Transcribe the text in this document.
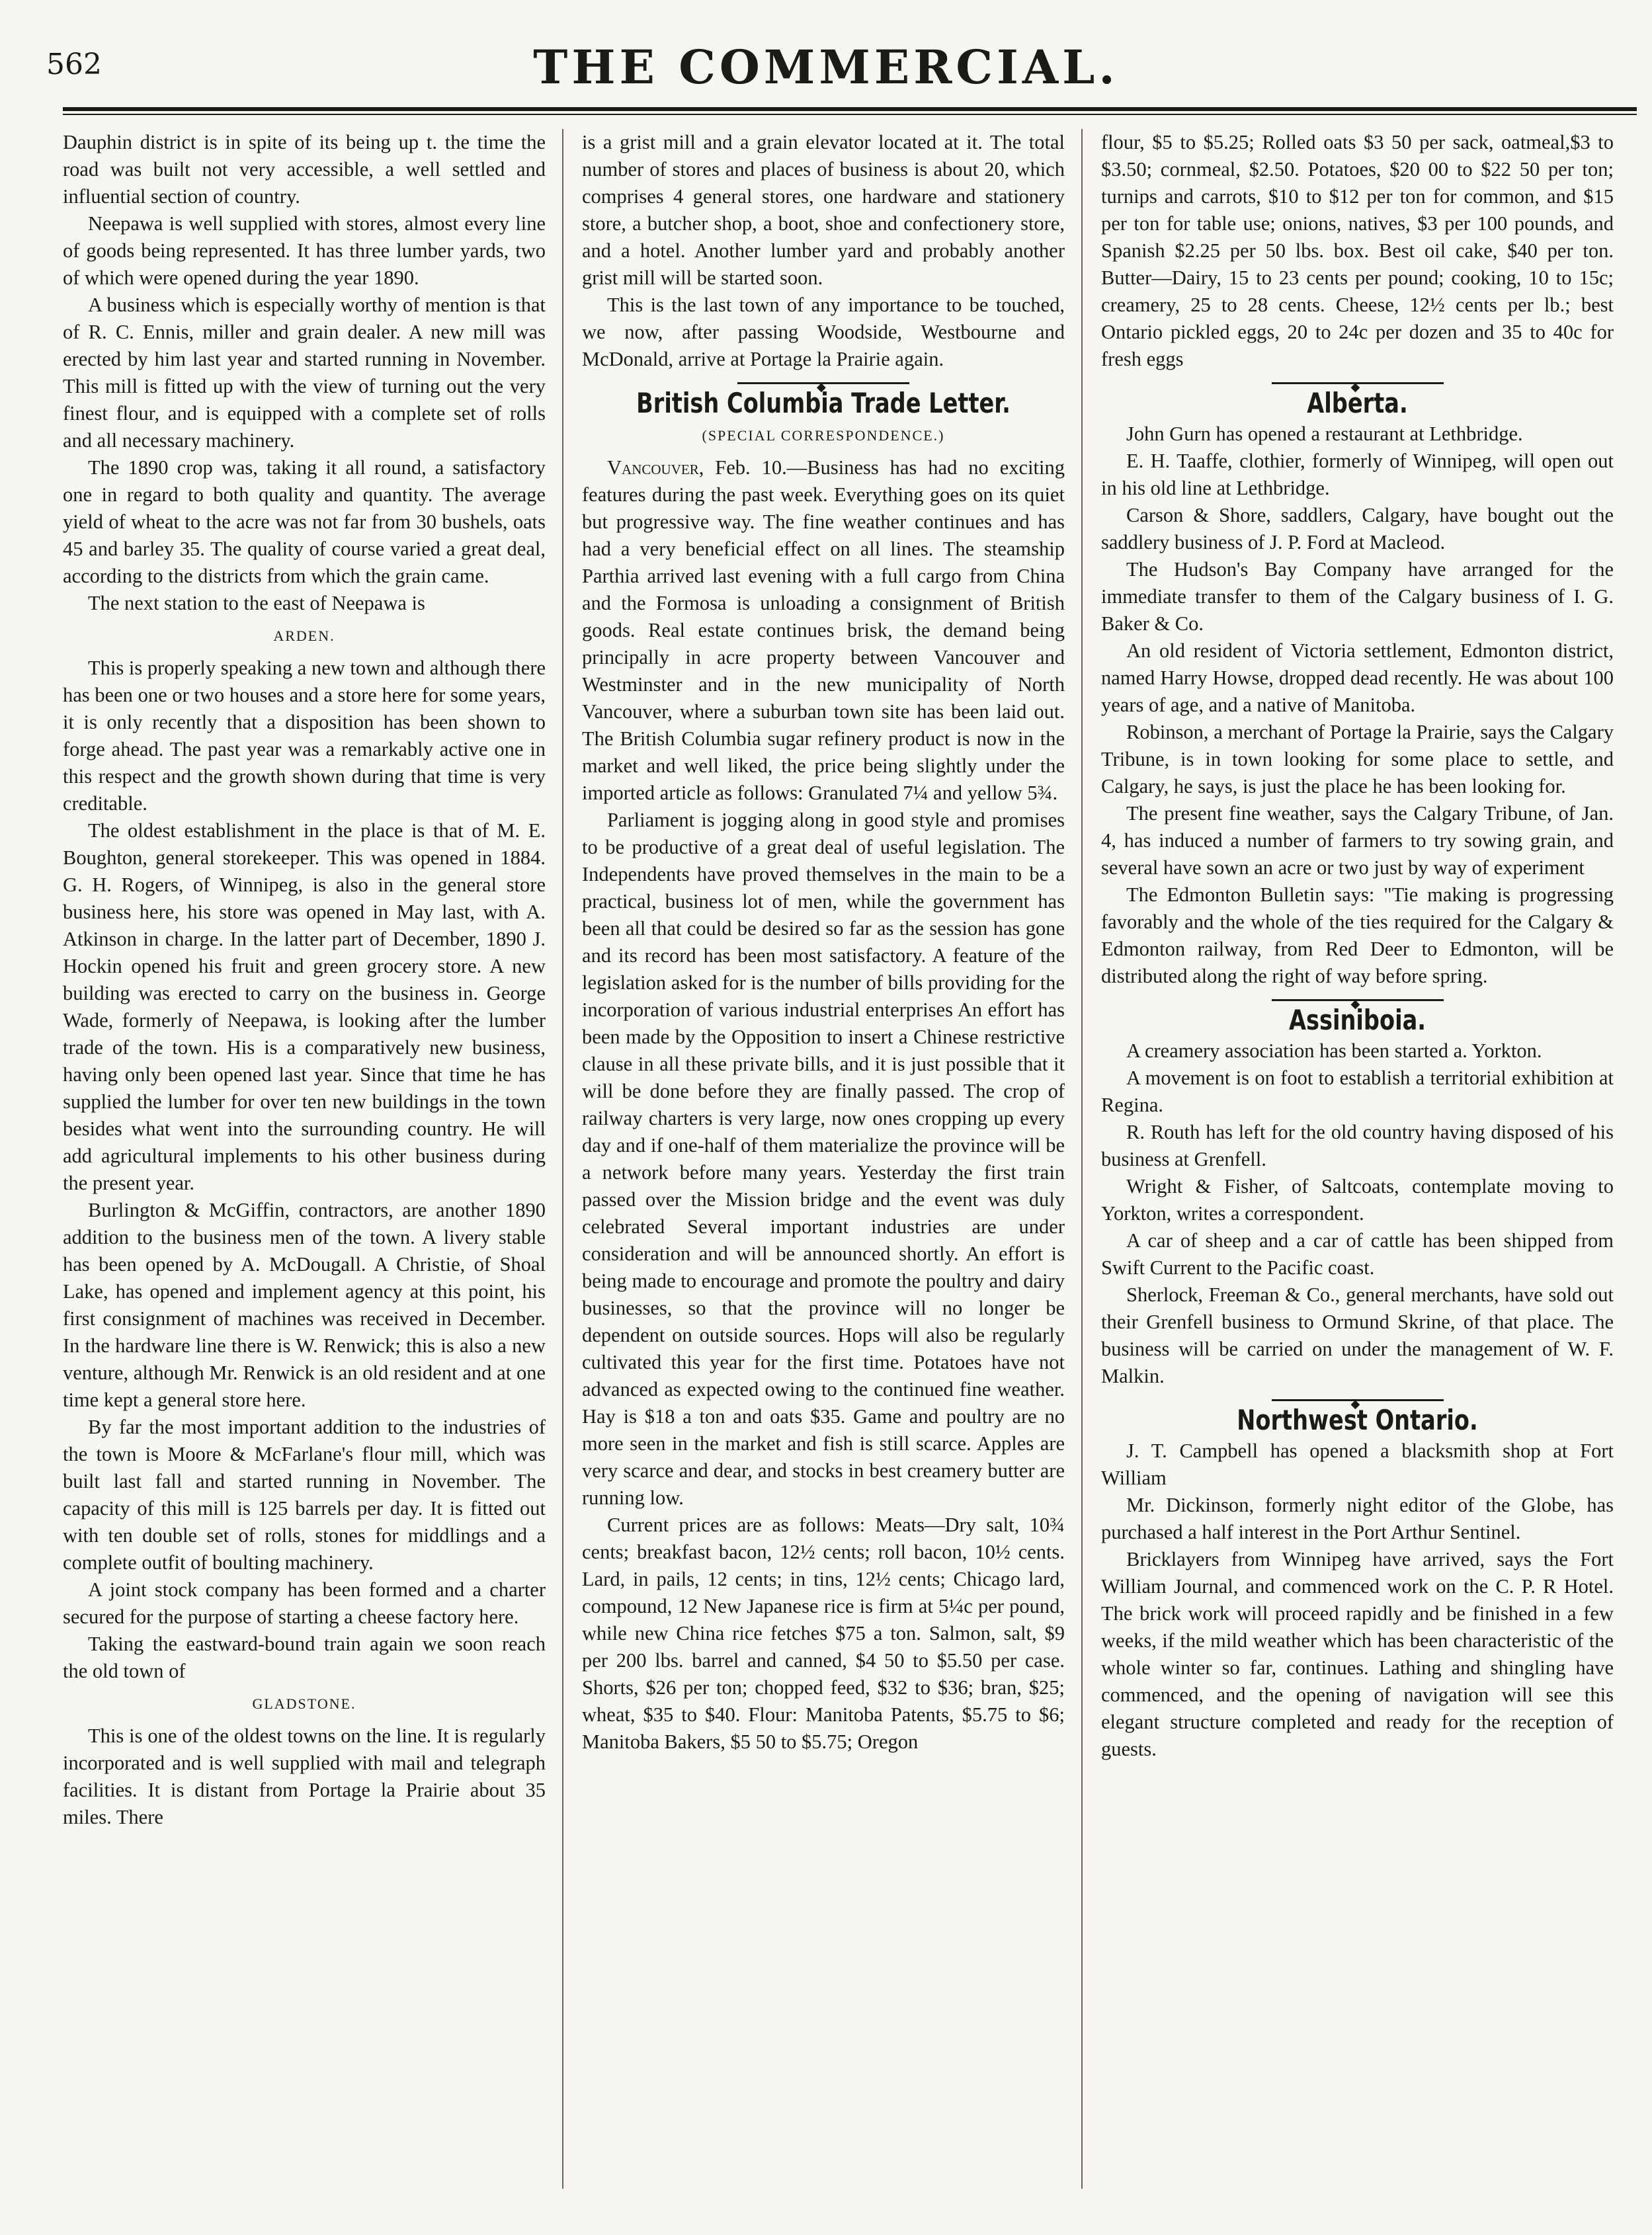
562	THE COMMERCIAL.

Dauphin district is in spite of its being up t. the time the road was built not very accessible, a well settled and influential section of country.

Neepawa is well supplied with stores, almost every line of goods being represented. It has three lumber yards, two of which were opened during the year 1890.

A business which is especially worthy of mention is that of R. C. Ennis, miller and grain dealer. A new mill was erected by him last year and started running in November. This mill is fitted up with the view of turning out the very finest flour, and is equipped with a complete set of rolls and all necessary machinery.

The 1890 crop was, taking it all round, a satisfactory one in regard to both quality and quantity. The average yield of wheat to the acre was not far from 30 bushels, oats 45 and barley 35. The quality of course varied a great deal, according to the districts from which the grain came.

The next station to the east of Neepawa is

ARDEN.

This is properly speaking a new town and although there has been one or two houses and a store here for some years, it is only recently that a disposition has been shown to forge ahead. The past year was a remarkably active one in this respect and the growth shown during that time is very creditable.

The oldest establishment in the place is that of M. E. Boughton, general storekeeper. This was opened in 1884. G. H. Rogers, of Winnipeg, is also in the general store business here, his store was opened in May last, with A. Atkinson in charge. In the latter part of December, 1890 J. Hockin opened his fruit and green grocery store. A new building was erected to carry on the business in. George Wade, formerly of Neepawa, is looking after the lumber trade of the town. His is a comparatively new business, having only been opened last year. Since that time he has supplied the lumber for over ten new buildings in the town besides what went into the surrounding country. He will add agricultural implements to his other business during the present year.

Burlington & McGiffin, contractors, are another 1890 addition to the business men of the town. A livery stable has been opened by A. McDougall. A Christie, of Shoal Lake, has opened and implement agency at this point, his first consignment of machines was received in December. In the hardware line there is W. Renwick; this is also a new venture, although Mr. Renwick is an old resident and at one time kept a general store here.

By far the most important addition to the industries of the town is Moore & McFarlane's flour mill, which was built last fall and started running in November. The capacity of this mill is 125 barrels per day. It is fitted out with ten double set of rolls, stones for middlings and a complete outfit of boulting machinery.

A joint stock company has been formed and a charter secured for the purpose of starting a cheese factory here.

Taking the eastward-bound train again we soon reach the old town of

GLADSTONE.

This is one of the oldest towns on the line. It is regularly incorporated and is well supplied with mail and telegraph facilities. It is distant from Portage la Prairie about 35 miles. There

is a grist mill and a grain elevator located at it. The total number of stores and places of business is about 20, which comprises 4 general stores, one hardware and stationery store, a butcher shop, a boot, shoe and confectionery store, and a hotel. Another lumber yard and probably another grist mill will be started soon.

This is the last town of any importance to be touched, we now, after passing Woodside, Westbourne and McDonald, arrive at Portage la Prairie again.

◆
British Columbia Trade Letter.

(SPECIAL CORRESPONDENCE.)

Vancouver, Feb. 10.—Business has had no exciting features during the past week. Everything goes on its quiet but progressive way. The fine weather continues and has had a very beneficial effect on all lines. The steamship Parthia arrived last evening with a full cargo from China and the Formosa is unloading a consignment of British goods. Real estate continues brisk, the demand being principally in acre property between Vancouver and Westminster and in the new municipality of North Vancouver, where a suburban town site has been laid out. The British Columbia sugar refinery product is now in the market and well liked, the price being slightly under the imported article as follows: Granulated 7¼ and yellow 5¾.

Parliament is jogging along in good style and promises to be productive of a great deal of useful legislation. The Independents have proved themselves in the main to be a practical, business lot of men, while the government has been all that could be desired so far as the session has gone and its record has been most satisfactory. A feature of the legislation asked for is the number of bills providing for the incorporation of various industrial enterprises An effort has been made by the Opposition to insert a Chinese restrictive clause in all these private bills, and it is just possible that it will be done before they are finally passed. The crop of railway charters is very large, now ones cropping up every day and if one-half of them materialize the province will be a network before many years. Yesterday the first train passed over the Mission bridge and the event was duly celebrated Several important industries are under consideration and will be announced shortly. An effort is being made to encourage and promote the poultry and dairy businesses, so that the province will no longer be dependent on outside sources. Hops will also be regularly cultivated this year for the first time. Potatoes have not advanced as expected owing to the continued fine weather. Hay is $18 a ton and oats $35. Game and poultry are no more seen in the market and fish is still scarce. Apples are very scarce and dear, and stocks in best creamery butter are running low.

Current prices are as follows: Meats—Dry salt, 10¾ cents; breakfast bacon, 12½ cents; roll bacon, 10½ cents. Lard, in pails, 12 cents; in tins, 12½ cents; Chicago lard, compound, 12 New Japanese rice is firm at 5¼c per pound, while new China rice fetches $75 a ton. Salmon, salt, $9 per 200 lbs. barrel and canned, $4 50 to $5.50 per case. Shorts, $26 per ton; chopped feed, $32 to $36; bran, $25; wheat, $35 to $40. Flour: Manitoba Patents, $5.75 to $6; Manitoba Bakers, $5 50 to $5.75; Oregon

flour, $5 to $5.25; Rolled oats $3 50 per sack, oatmeal,$3 to $3.50; cornmeal, $2.50. Potatoes, $20 00 to $22 50 per ton; turnips and carrots, $10 to $12 per ton for common, and $15 per ton for table use; onions, natives, $3 per 100 pounds, and Spanish $2.25 per 50 lbs. box. Best oil cake, $40 per ton. Butter—Dairy, 15 to 23 cents per pound; cooking, 10 to 15c; creamery, 25 to 28 cents. Cheese, 12½ cents per lb.; best Ontario pickled eggs, 20 to 24c per dozen and 35 to 40c for fresh eggs

◆
Alberta.

John Gurn has opened a restaurant at Lethbridge.

E. H. Taaffe, clothier, formerly of Winnipeg, will open out in his old line at Lethbridge.

Carson & Shore, saddlers, Calgary, have bought out the saddlery business of J. P. Ford at Macleod.

The Hudson's Bay Company have arranged for the immediate transfer to them of the Calgary business of I. G. Baker & Co.

An old resident of Victoria settlement, Edmonton district, named Harry Howse, dropped dead recently. He was about 100 years of age, and a native of Manitoba.

Robinson, a merchant of Portage la Prairie, says the Calgary Tribune, is in town looking for some place to settle, and Calgary, he says, is just the place he has been looking for.

The present fine weather, says the Calgary Tribune, of Jan. 4, has induced a number of farmers to try sowing grain, and several have sown an acre or two just by way of experiment

The Edmonton Bulletin says: "Tie making is progressing favorably and the whole of the ties required for the Calgary & Edmonton railway, from Red Deer to Edmonton, will be distributed along the right of way before spring.

◆
Assiniboia.

A creamery association has been started a. Yorkton.

A movement is on foot to establish a territorial exhibition at Regina.

R. Routh has left for the old country having disposed of his business at Grenfell.

Wright & Fisher, of Saltcoats, contemplate moving to Yorkton, writes a correspondent.

A car of sheep and a car of cattle has been shipped from Swift Current to the Pacific coast.

Sherlock, Freeman & Co., general merchants, have sold out their Grenfell business to Ormund Skrine, of that place. The business will be carried on under the management of W. F. Malkin.

◆
Northwest Ontario.

J. T. Campbell has opened a blacksmith shop at Fort William

Mr. Dickinson, formerly night editor of the Globe, has purchased a half interest in the Port Arthur Sentinel.

Bricklayers from Winnipeg have arrived, says the Fort William Journal, and commenced work on the C. P. R Hotel. The brick work will proceed rapidly and be finished in a few weeks, if the mild weather which has been characteristic of the whole winter so far, continues. Lathing and shingling have commenced, and the opening of navigation will see this elegant structure completed and ready for the reception of guests.
